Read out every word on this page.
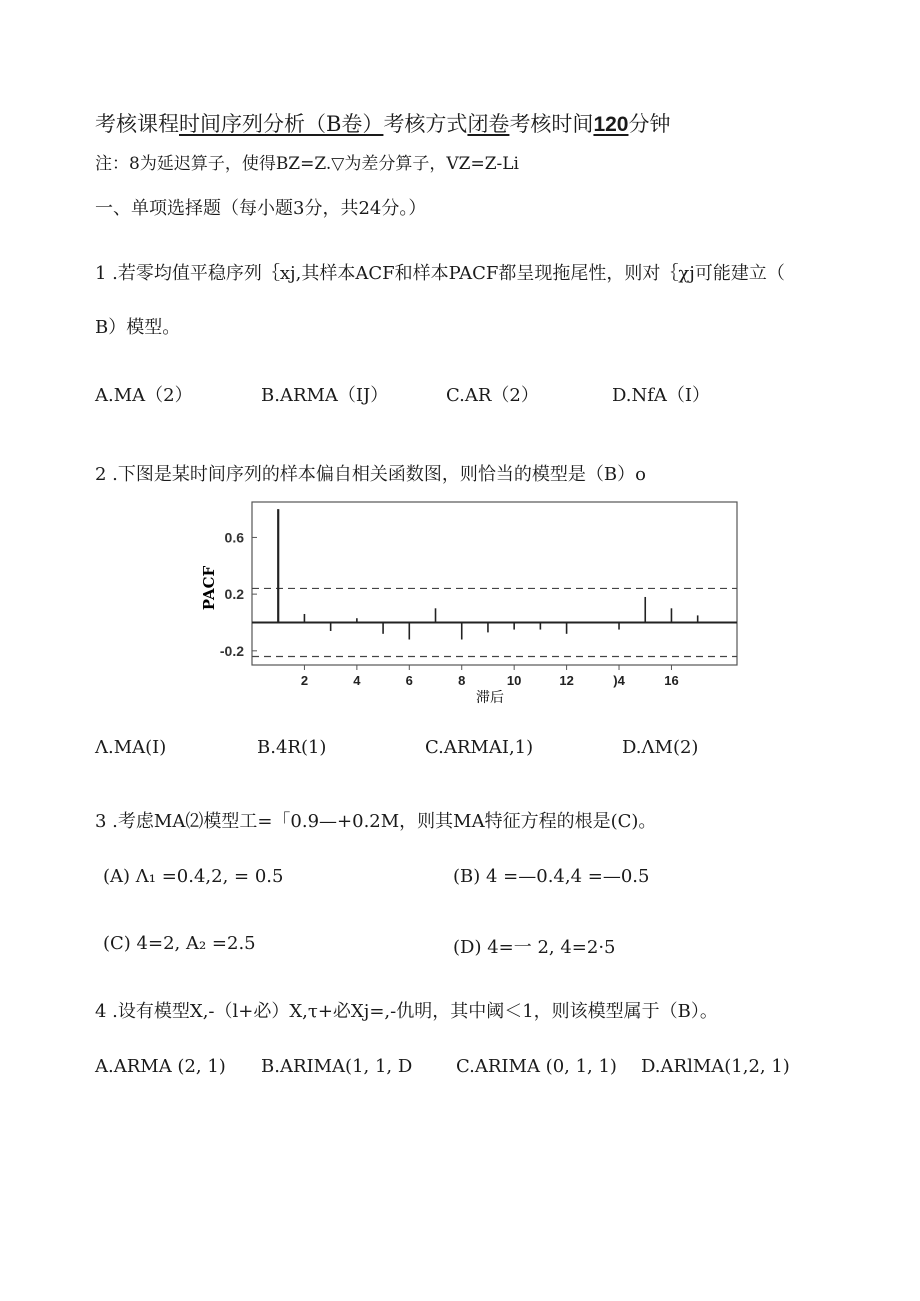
考核课程时间序列分析（B卷）考核方式闭卷考核时间120分钟
注：8为延迟算子，使得BZ=Z.▽为差分算子，VZ=Z-Li
一、单项选择题（每小题3分，共24分。）
1 .若零均值平稳序列｛xj,其样本ACF和样本PACF都呈现拖尾性，则对｛χj可能建立（
B）模型。
A.MA（2）	B.ARMA（IJ）	C.AR（2）	D.NfA（I）
2 .下图是某时间序列的样本偏自相关函数图，则恰当的模型是（B）o
0.6
0.2
-0.2
2	4	6	8	10	12	)4	16
PACF
滞后
Λ.MA(I)	B.4R(1)	C.ARMAI,1)	D.ΛM(2)
3 .考虑MA⑵模型工=「0.9—+0.2M，则其MA特征方程的根是(C)。
(A) Λ₁ =0.4,2, = 0.5	(B) 4 =—0.4,4 =—0.5
(C) 4=2, A₂ =2.5	(D) 4=一 2, 4=2·5
4 .设有模型X,-（l+必）X,τ+必Xj=,-仇明，其中阈＜1，则该模型属于（B）。
A.ARMA (2, 1) B.ARIMA(1, 1, D C.ARIMA (0, 1, 1) D.ARlMA(1,2, 1)
